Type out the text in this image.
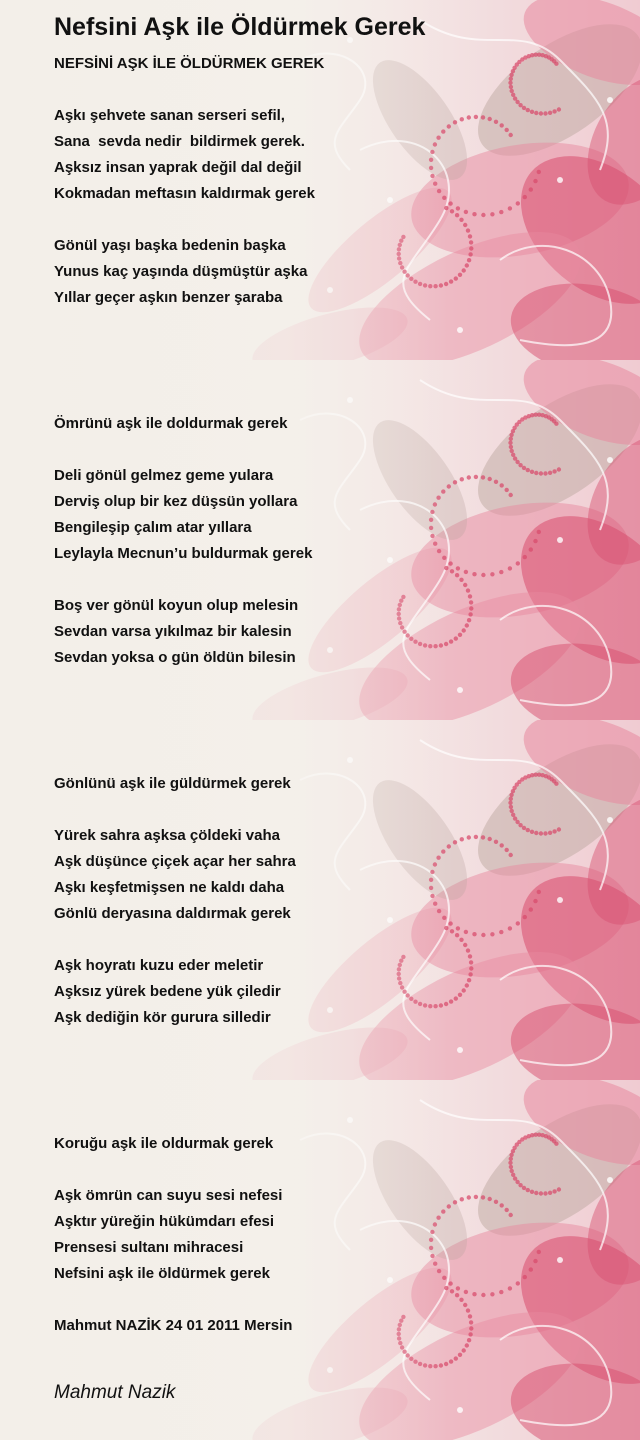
Nefsini Aşk ile Öldürmek Gerek
NEFSİNİ AŞK İLE ÖLDÜRMEK GEREK
Aşkı şehvete sanan serseri sefil,
Sana  sevda nedir  bildirmek gerek.
Aşksız insan yaprak değil dal değil
Kokmadan meftasın kaldırmak gerek
Gönül yaşı başka bedenin başka
Yunus kaç yaşında düşmüştür aşka
Yıllar geçer aşkın benzer şaraba
Ömrünü aşk ile doldurmak gerek
Deli gönül gelmez geme yulara
Derviş olup bir kez düşsün yollara
Bengileşip çalım atar yıllara
Leylayla Mecnun’u buldurmak gerek
Boş ver gönül koyun olup melesin
Sevdan varsa yıkılmaz bir kalesin
Sevdan yoksa o gün öldün bilesin
Gönlünü aşk ile güldürmek gerek
Yürek sahra aşksa çöldeki vaha
Aşk düşünce çiçek açar her sahra
Aşkı keşfetmişsen ne kaldı daha
Gönlü deryasına daldırmak gerek
Aşk hoyratı kuzu eder meletir
Aşksız yürek bedene yük çiledir
Aşk dediğin kör gurura silledir
Koruğu aşk ile oldurmak gerek
Aşk ömrün can suyu sesi nefesi
Aşktır yüreğin hükümdarı efesi
Prensesi sultanı mihracesi
Nefsini aşk ile öldürmek gerek
Mahmut NAZİK 24 01 2011 Mersin
Mahmut Nazik
